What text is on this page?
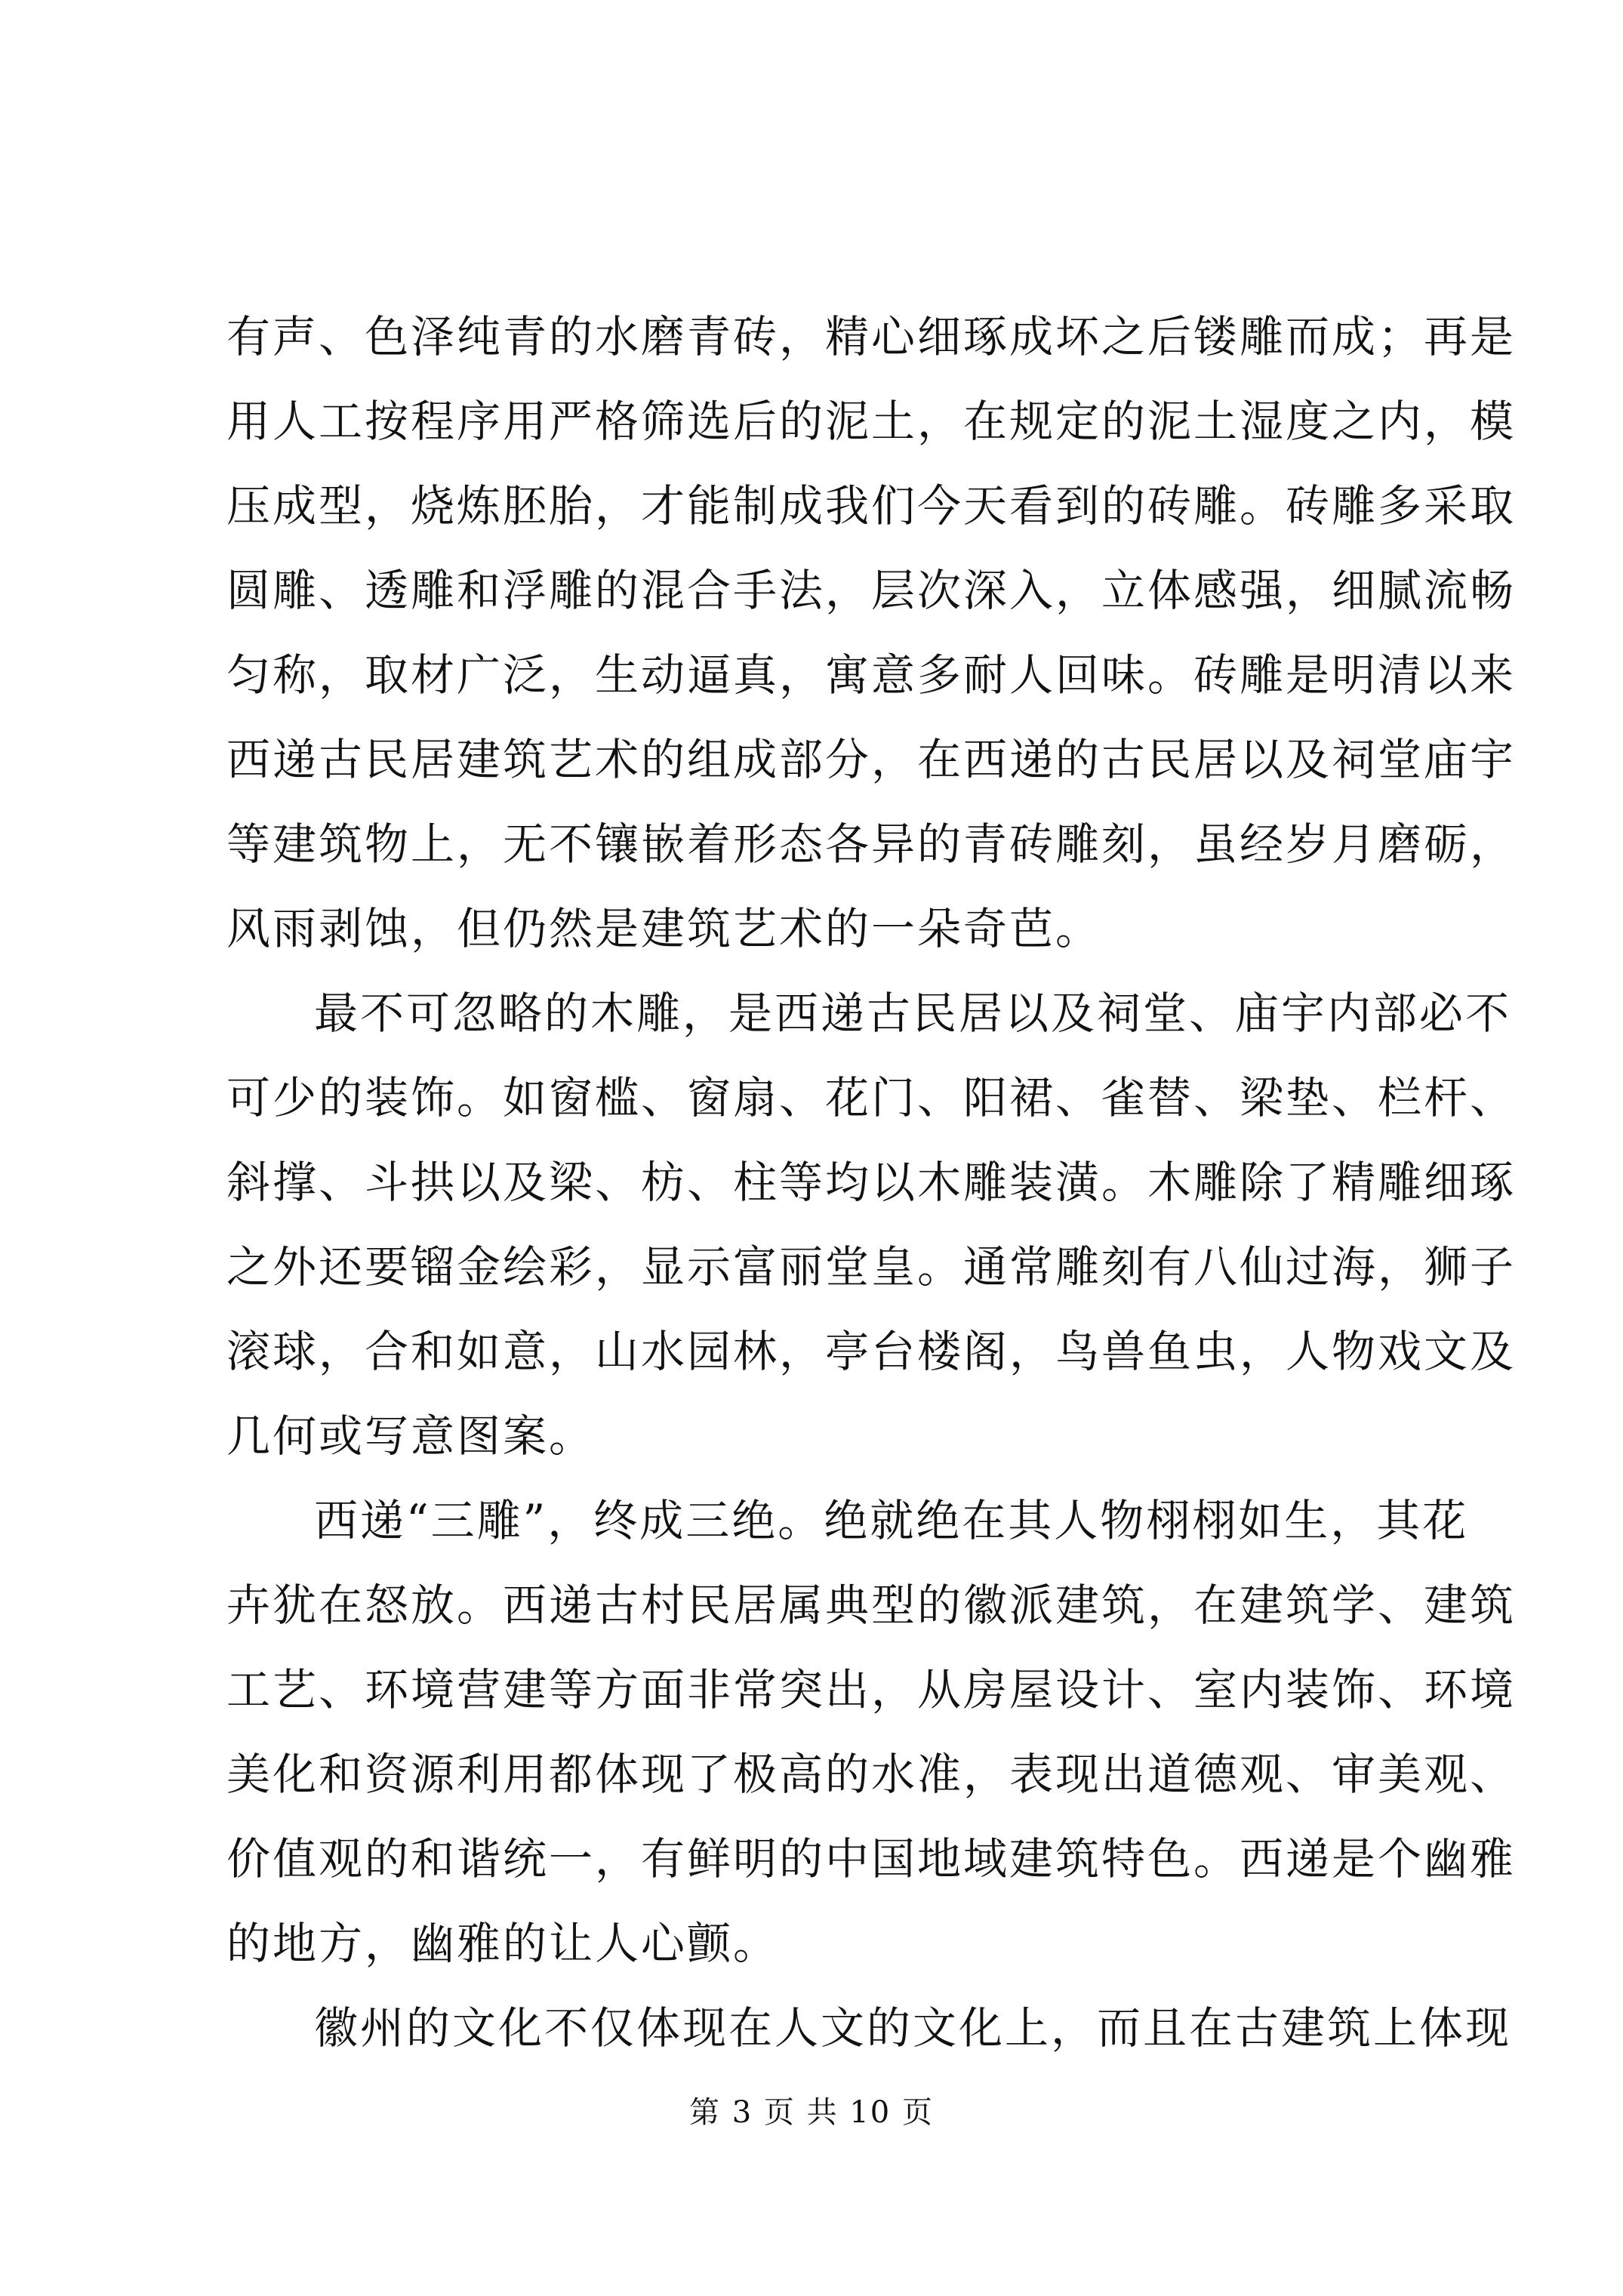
有声、色泽纯青的水磨青砖，精心细琢成坏之后镂雕而成；再是
用人工按程序用严格筛选后的泥土，在规定的泥土湿度之内，模
压成型，烧炼胚胎，才能制成我们今天看到的砖雕。砖雕多采取
圆雕、透雕和浮雕的混合手法，层次深入，立体感强，细腻流畅
匀称，取材广泛，生动逼真，寓意多耐人回味。砖雕是明清以来
西递古民居建筑艺术的组成部分，在西递的古民居以及祠堂庙宇
等建筑物上，无不镶嵌着形态各异的青砖雕刻，虽经岁月磨砺，
风雨剥蚀，但仍然是建筑艺术的一朵奇芭。
最不可忽略的木雕，是西递古民居以及祠堂、庙宇内部必不
可少的装饰。如窗槛、窗扇、花门、阳裙、雀替、梁垫、栏杆、
斜撑、斗拱以及梁、枋、柱等均以木雕装潢。木雕除了精雕细琢
之外还要镏金绘彩，显示富丽堂皇。通常雕刻有八仙过海，狮子
滚球，合和如意，山水园林，亭台楼阁，鸟兽鱼虫，人物戏文及
几何或写意图案。
西递“三雕”，终成三绝。绝就绝在其人物栩栩如生，其花
卉犹在怒放。西递古村民居属典型的徽派建筑，在建筑学、建筑
工艺、环境营建等方面非常突出，从房屋设计、室内装饰、环境
美化和资源利用都体现了极高的水准，表现出道德观、审美观、
价值观的和谐统一，有鲜明的中国地域建筑特色。西递是个幽雅
的地方，幽雅的让人心颤。
徽州的文化不仅体现在人文的文化上，而且在古建筑上体现
第 3 页 共 10 页
